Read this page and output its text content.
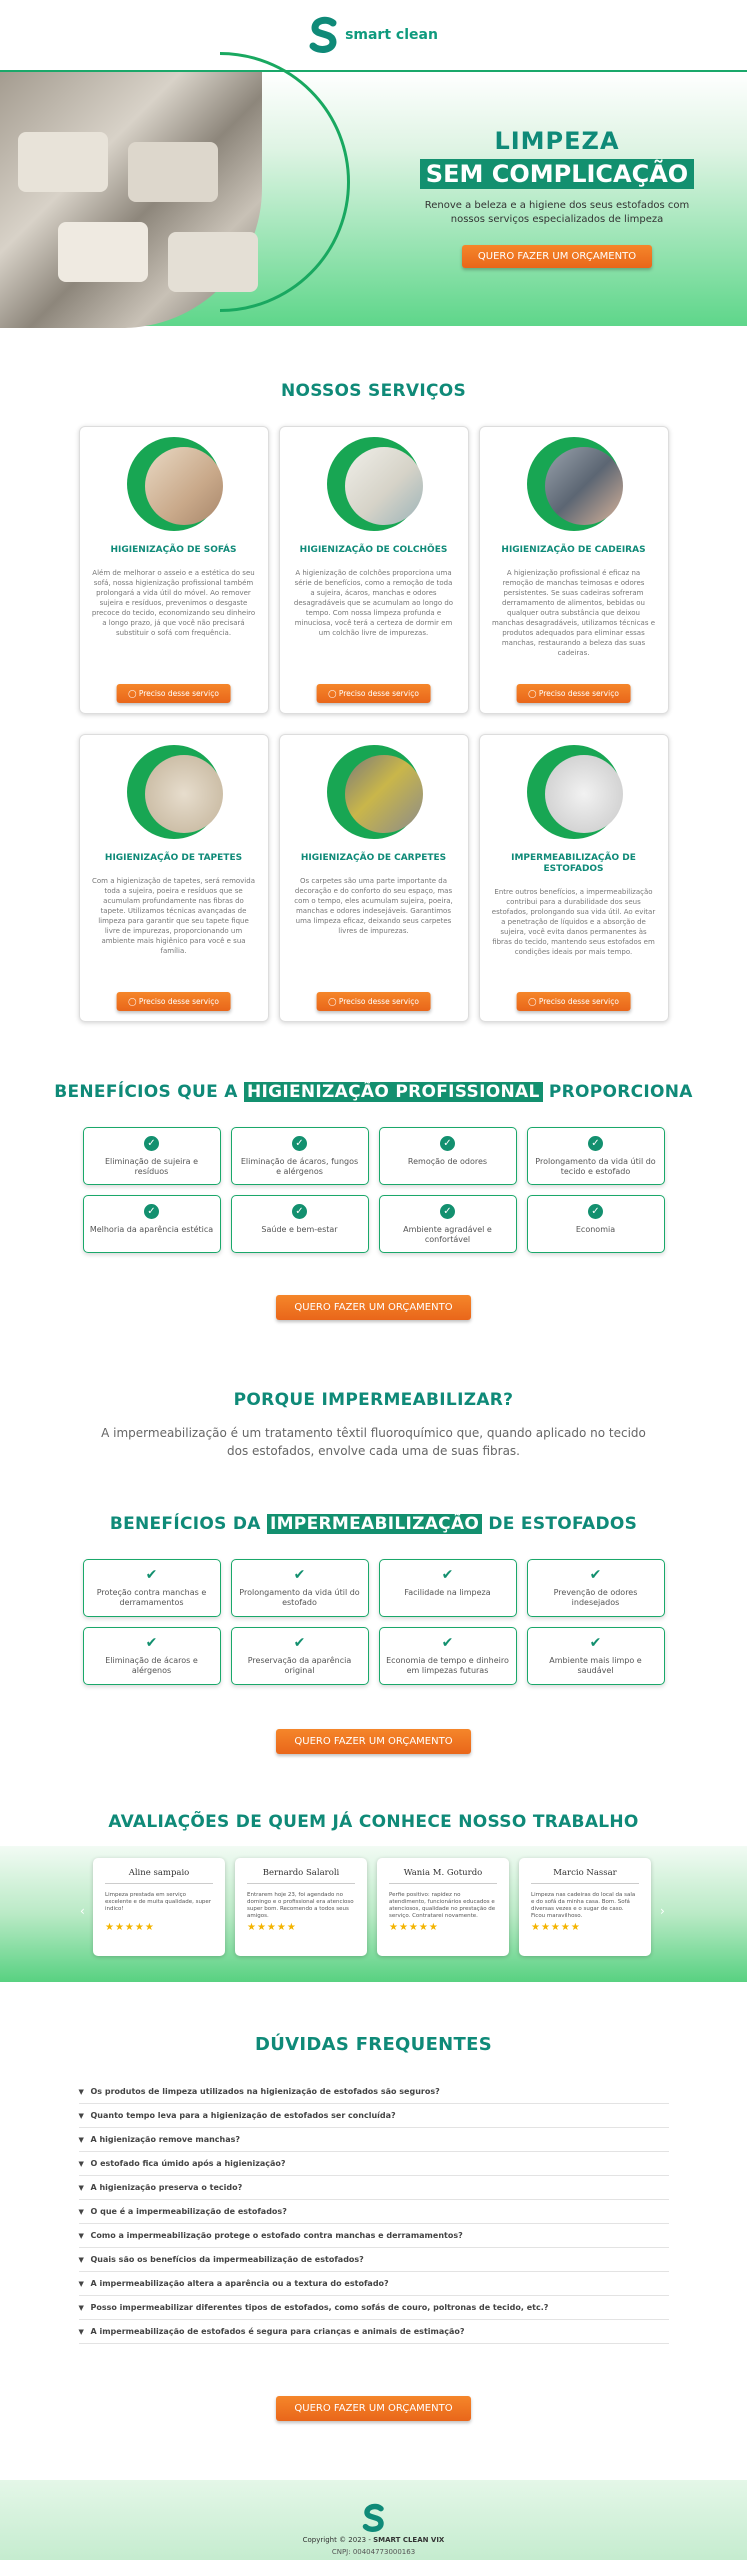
smart clean
LIMPEZA
SEM COMPLICAÇÃO
Renove a beleza e a higiene dos seus estofados com nossos serviços especializados de limpeza
QUERO FAZER UM ORÇAMENTO
NOSSOS SERVIÇOS
HIGIENIZAÇÃO DE SOFÁS
Além de melhorar o asseio e a estética do seu sofá, nossa higienização profissional também prolongará a vida útil do móvel. Ao remover sujeira e resíduos, prevenimos o desgaste precoce do tecido, economizando seu dinheiro a longo prazo, já que você não precisará substituir o sofá com frequência.
◯ Preciso desse serviço
HIGIENIZAÇÃO DE COLCHÕES
A higienização de colchões proporciona uma série de benefícios, como a remoção de toda a sujeira, ácaros, manchas e odores desagradáveis que se acumulam ao longo do tempo. Com nossa limpeza profunda e minuciosa, você terá a certeza de dormir em um colchão livre de impurezas.
◯ Preciso desse serviço
HIGIENIZAÇÃO DE CADEIRAS
A higienização profissional é eficaz na remoção de manchas teimosas e odores persistentes. Se suas cadeiras sofreram derramamento de alimentos, bebidas ou qualquer outra substância que deixou manchas desagradáveis, utilizamos técnicas e produtos adequados para eliminar essas manchas, restaurando a beleza das suas cadeiras.
◯ Preciso desse serviço
HIGIENIZAÇÃO DE TAPETES
Com a higienização de tapetes, será removida toda a sujeira, poeira e resíduos que se acumulam profundamente nas fibras do tapete. Utilizamos técnicas avançadas de limpeza para garantir que seu tapete fique livre de impurezas, proporcionando um ambiente mais higiênico para você e sua família.
◯ Preciso desse serviço
HIGIENIZAÇÃO DE CARPETES
Os carpetes são uma parte importante da decoração e do conforto do seu espaço, mas com o tempo, eles acumulam sujeira, poeira, manchas e odores indesejáveis. Garantimos uma limpeza eficaz, deixando seus carpetes livres de impurezas.
◯ Preciso desse serviço
IMPERMEABILIZAÇÃO DE ESTOFADOS
Entre outros benefícios, a impermeabilização contribui para a durabilidade dos seus estofados, prolongando sua vida útil. Ao evitar a penetração de líquidos e a absorção de sujeira, você evita danos permanentes às fibras do tecido, mantendo seus estofados em condições ideais por mais tempo.
◯ Preciso desse serviço
BENEFÍCIOS QUE A HIGIENIZAÇÃO PROFISSIONAL PROPORCIONA
✓
Eliminação de sujeira e resíduos
✓
Eliminação de ácaros, fungos e alérgenos
✓
Remoção de odores
✓
Prolongamento da vida útil do tecido e estofado
✓
Melhoria da aparência estética
✓
Saúde e bem-estar
✓
Ambiente agradável e confortável
✓
Economia
QUERO FAZER UM ORÇAMENTO
PORQUE IMPERMEABILIZAR?
A impermeabilização é um tratamento têxtil fluoroquímico que, quando aplicado no tecido dos estofados, envolve cada uma de suas fibras.
BENEFÍCIOS DA IMPERMEABILIZAÇÃO DE ESTOFADOS
✔
Proteção contra manchas e derramamentos
✔
Prolongamento da vida útil do estofado
✔
Facilidade na limpeza
✔
Prevenção de odores indesejados
✔
Eliminação de ácaros e alérgenos
✔
Preservação da aparência original
✔
Economia de tempo e dinheiro em limpezas futuras
✔
Ambiente mais limpo e saudável
QUERO FAZER UM ORÇAMENTO
AVALIAÇÕES DE QUEM JÁ CONHECE NOSSO TRABALHO
‹
Aline sampaio
Limpeza prestada em serviço excelente e de muita qualidade, super indico!
★★★★★
Bernardo Salaroli
Entrarem hoje 23, foi agendado no domingo e o profissional era atencioso super bom. Recomendo a todos seus amigos.
★★★★★
Wania M. Goturdo
Perfie positivo: rapidez no atendimento, funcionários educados e atenciosos, qualidade no prestação de serviço. Contratarei novamente.
★★★★★
Marcio Nassar
Limpeza nas cadeiras do local da sala e do sofá da minha casa. Bom. Sofá diversas vezes e o sugar de caso. Ficou maravilhoso.
★★★★★
›
DÚVIDAS FREQUENTES
▼ Os produtos de limpeza utilizados na higienização de estofados são seguros?
▼ Quanto tempo leva para a higienização de estofados ser concluída?
▼ A higienização remove manchas?
▼ O estofado fica úmido após a higienização?
▼ A higienização preserva o tecido?
▼ O que é a impermeabilização de estofados?
▼ Como a impermeabilização protege o estofado contra manchas e derramamentos?
▼ Quais são os benefícios da impermeabilização de estofados?
▼ A impermeabilização altera a aparência ou a textura do estofado?
▼ Posso impermeabilizar diferentes tipos de estofados, como sofás de couro, poltronas de tecido, etc.?
▼ A impermeabilização de estofados é segura para crianças e animais de estimação?
QUERO FAZER UM ORÇAMENTO
Copyright © 2023 - SMART CLEAN VIX
CNPJ: 00404773000163
